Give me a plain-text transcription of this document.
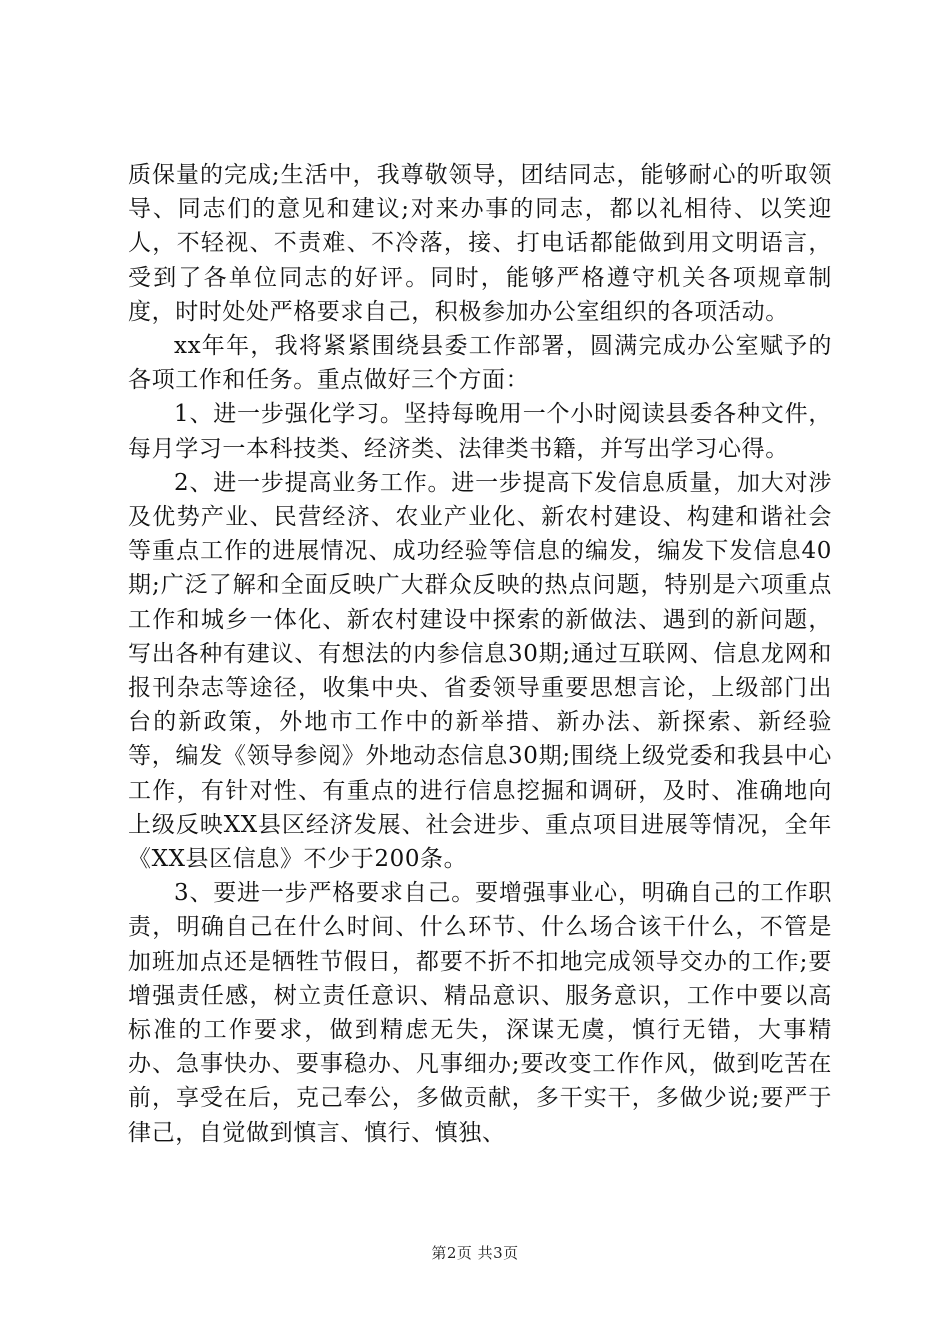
质保量的完成;生活中，我尊敬领导，团结同志，能够耐心的听取领导、同志们的意见和建议;对来办事的同志，都以礼相待、以笑迎人，不轻视、不责难、不冷落，接、打电话都能做到用文明语言，受到了各单位同志的好评。同时，能够严格遵守机关各项规章制度，时时处处严格要求自己，积极参加办公室组织的各项活动。

xx年年，我将紧紧围绕县委工作部署，圆满完成办公室赋予的各项工作和任务。重点做好三个方面：

1、进一步强化学习。坚持每晚用一个小时阅读县委各种文件，每月学习一本科技类、经济类、法律类书籍，并写出学习心得。

2、进一步提高业务工作。进一步提高下发信息质量，加大对涉及优势产业、民营经济、农业产业化、新农村建设、构建和谐社会等重点工作的进展情况、成功经验等信息的编发，编发下发信息40期;广泛了解和全面反映广大群众反映的热点问题，特别是六项重点工作和城乡一体化、新农村建设中探索的新做法、遇到的新问题，写出各种有建议、有想法的内参信息30期;通过互联网、信息龙网和报刊杂志等途径，收集中央、省委领导重要思想言论，上级部门出台的新政策，外地市工作中的新举措、新办法、新探索、新经验等，编发《领导参阅》外地动态信息30期;围绕上级党委和我县中心工作，有针对性、有重点的进行信息挖掘和调研，及时、准确地向上级反映XX县区经济发展、社会进步、重点项目进展等情况，全年《XX县区信息》不少于200条。

3、要进一步严格要求自己。要增强事业心，明确自己的工作职责，明确自己在什么时间、什么环节、什么场合该干什么，不管是加班加点还是牺牲节假日，都要不折不扣地完成领导交办的工作;要增强责任感，树立责任意识、精品意识、服务意识，工作中要以高标准的工作要求，做到精虑无失，深谋无虞，慎行无错，大事精办、急事快办、要事稳办、凡事细办;要改变工作作风，做到吃苦在前，享受在后，克己奉公，多做贡献，多干实干，多做少说;要严于律己，自觉做到慎言、慎行、慎独、

第2页 共3页
